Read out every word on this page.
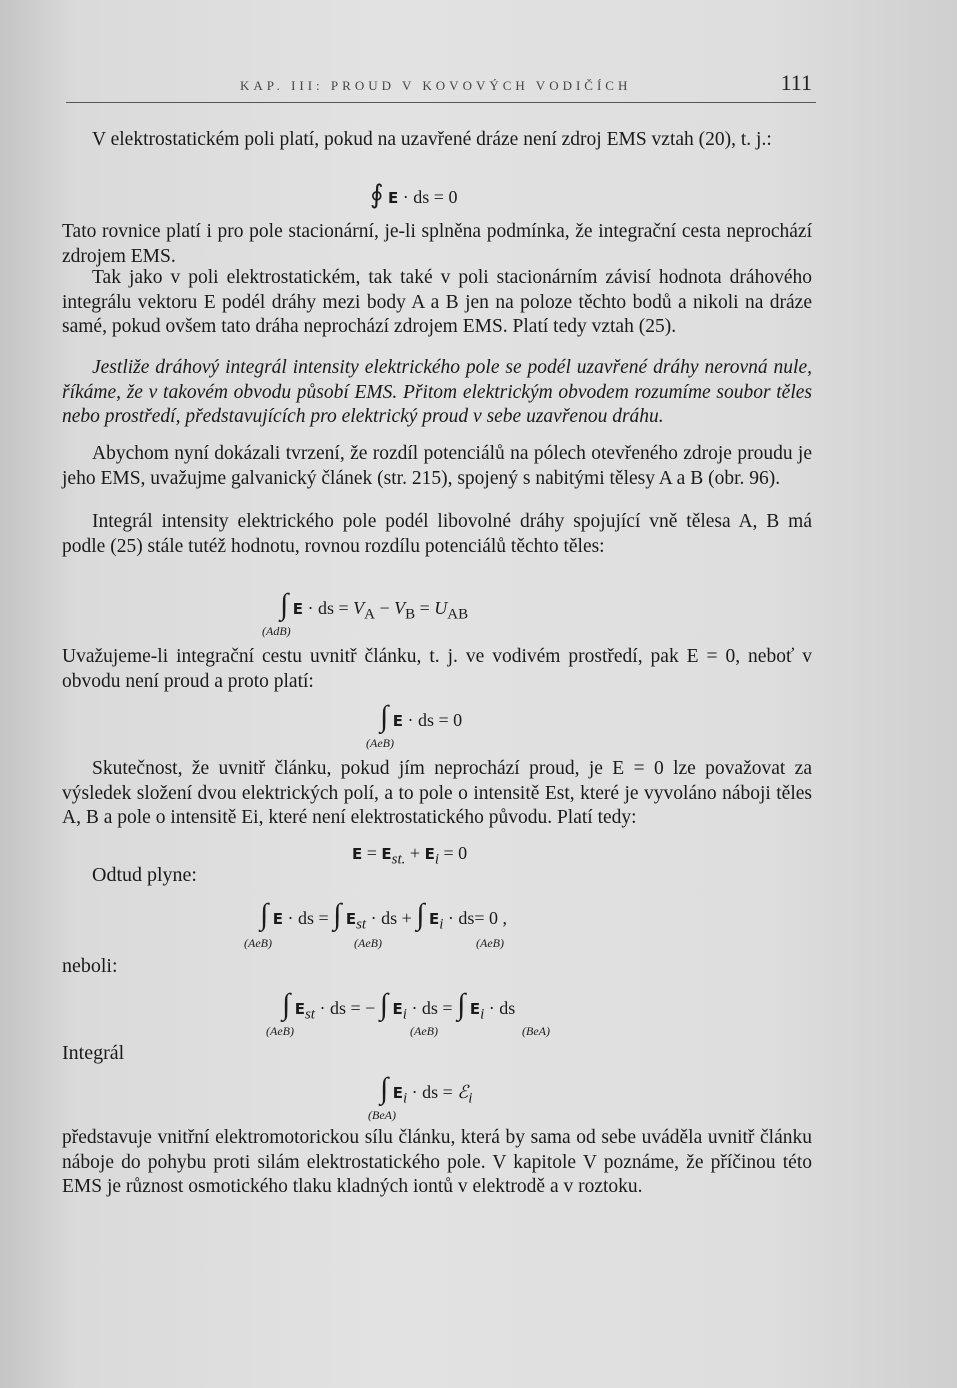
KAP. III: PROUD V KOVOVÝCH VODIČÍCH	111
V elektrostatickém poli platí, pokud na uzavřené dráze není zdroj EMS vztah (20), t. j.:
∮ E · ds = 0
Tato rovnice platí i pro pole stacionární, je-li splněna podmínka, že integrační cesta neprochází zdrojem EMS.
Tak jako v poli elektrostatickém, tak také v poli stacionárním závisí hodnota dráhového integrálu vektoru E podél dráhy mezi body A a B jen na poloze těchto bodů a nikoli na dráze samé, pokud ovšem tato dráha neprochází zdrojem EMS. Platí tedy vztah (25).
Jestliže dráhový integrál intensity elektrického pole se podél uzavřené dráhy nerovná nule, říkáme, že v takovém obvodu působí EMS. Přitom elektrickým obvodem rozumíme soubor těles nebo prostředí, představujících pro elektrický proud v sebe uzavřenou dráhu.
Abychom nyní dokázali tvrzení, že rozdíl potenciálů na pólech otevřeného zdroje proudu je jeho EMS, uvažujme galvanický článek (str. 215), spojený s nabitými tělesy A a B (obr. 96).
Integrál intensity elektrického pole podél libovolné dráhy spojující vně tělesa A, B má podle (25) stále tutéž hodnotu, rovnou rozdílu potenciálů těchto těles:
∫ E · ds = $V_A - V_B = U_{AB}$
(AdB)
Uvažujeme-li integrační cestu uvnitř článku, t. j. ve vodivém prostředí, pak E = 0, neboť v obvodu není proud a proto platí:
∫ E · ds = 0
(AeB)
Skutečnost, že uvnitř článku, pokud jím neprochází proud, je E = 0 lze považovat za výsledek složení dvou elektrických polí, a to pole o intensitě Est, které je vyvoláno náboji těles A, B a pole o intensitě Ei, které není elektrostatického původu. Platí tedy:
$E = E_{st.} + E_i = 0$
Odtud plyne:
∫ E · ds = ∫ $E_{st}$ · ds + ∫ $E_i \cdot ds= 0$ ,
(AeB)	(AeB)	(AeB)
neboli:
∫ $E_{st}$ · ds = − ∫ $E_i$ · ds = ∫ $E_i$ · ds
(AeB)	(AeB)	(BeA)
Integrál
∫ $E_i$ · ds = ℰ$_i$
(BeA)
představuje vnitřní elektromotorickou sílu článku, která by sama od sebe uváděla uvnitř článku náboje do pohybu proti silám elektrostatického pole. V kapitole V poznáme, že příčinou této EMS je různost osmotického tlaku kladných iontů v elektrodě a v roztoku.
